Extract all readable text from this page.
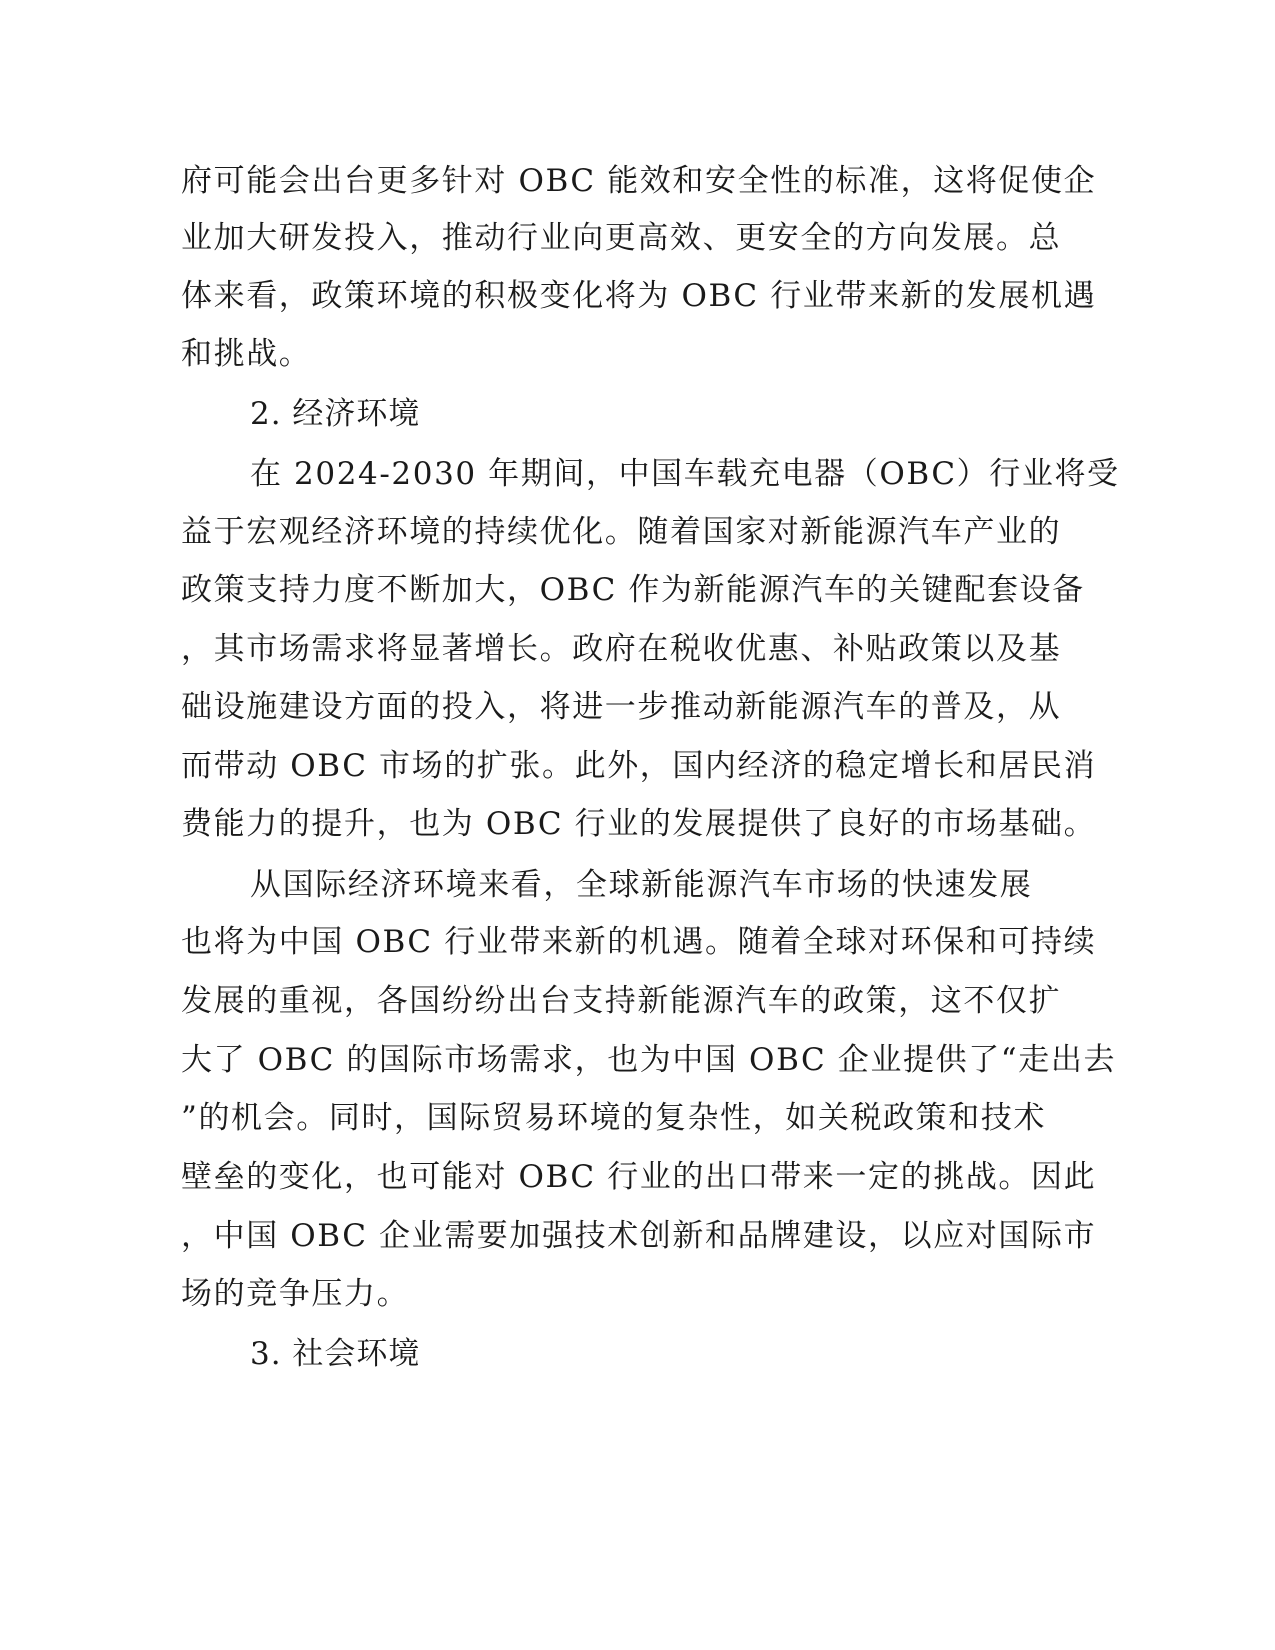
府可能会出台更多针对 OBC 能效和安全性的标准，这将促使企
业加大研发投入，推动行业向更高效、更安全的方向发展。总
体来看，政策环境的积极变化将为 OBC 行业带来新的发展机遇
和挑战。
2. 经济环境
在 2024-2030 年期间，中国车载充电器（OBC）行业将受
益于宏观经济环境的持续优化。随着国家对新能源汽车产业的
政策支持力度不断加大，OBC 作为新能源汽车的关键配套设备
，其市场需求将显著增长。政府在税收优惠、补贴政策以及基
础设施建设方面的投入，将进一步推动新能源汽车的普及，从
而带动 OBC 市场的扩张。此外，国内经济的稳定增长和居民消
费能力的提升，也为 OBC 行业的发展提供了良好的市场基础。
从国际经济环境来看，全球新能源汽车市场的快速发展
也将为中国 OBC 行业带来新的机遇。随着全球对环保和可持续
发展的重视，各国纷纷出台支持新能源汽车的政策，这不仅扩
大了 OBC 的国际市场需求，也为中国 OBC 企业提供了“走出去
”的机会。同时，国际贸易环境的复杂性，如关税政策和技术
壁垒的变化，也可能对 OBC 行业的出口带来一定的挑战。因此
，中国 OBC 企业需要加强技术创新和品牌建设，以应对国际市
场的竞争压力。
3. 社会环境
